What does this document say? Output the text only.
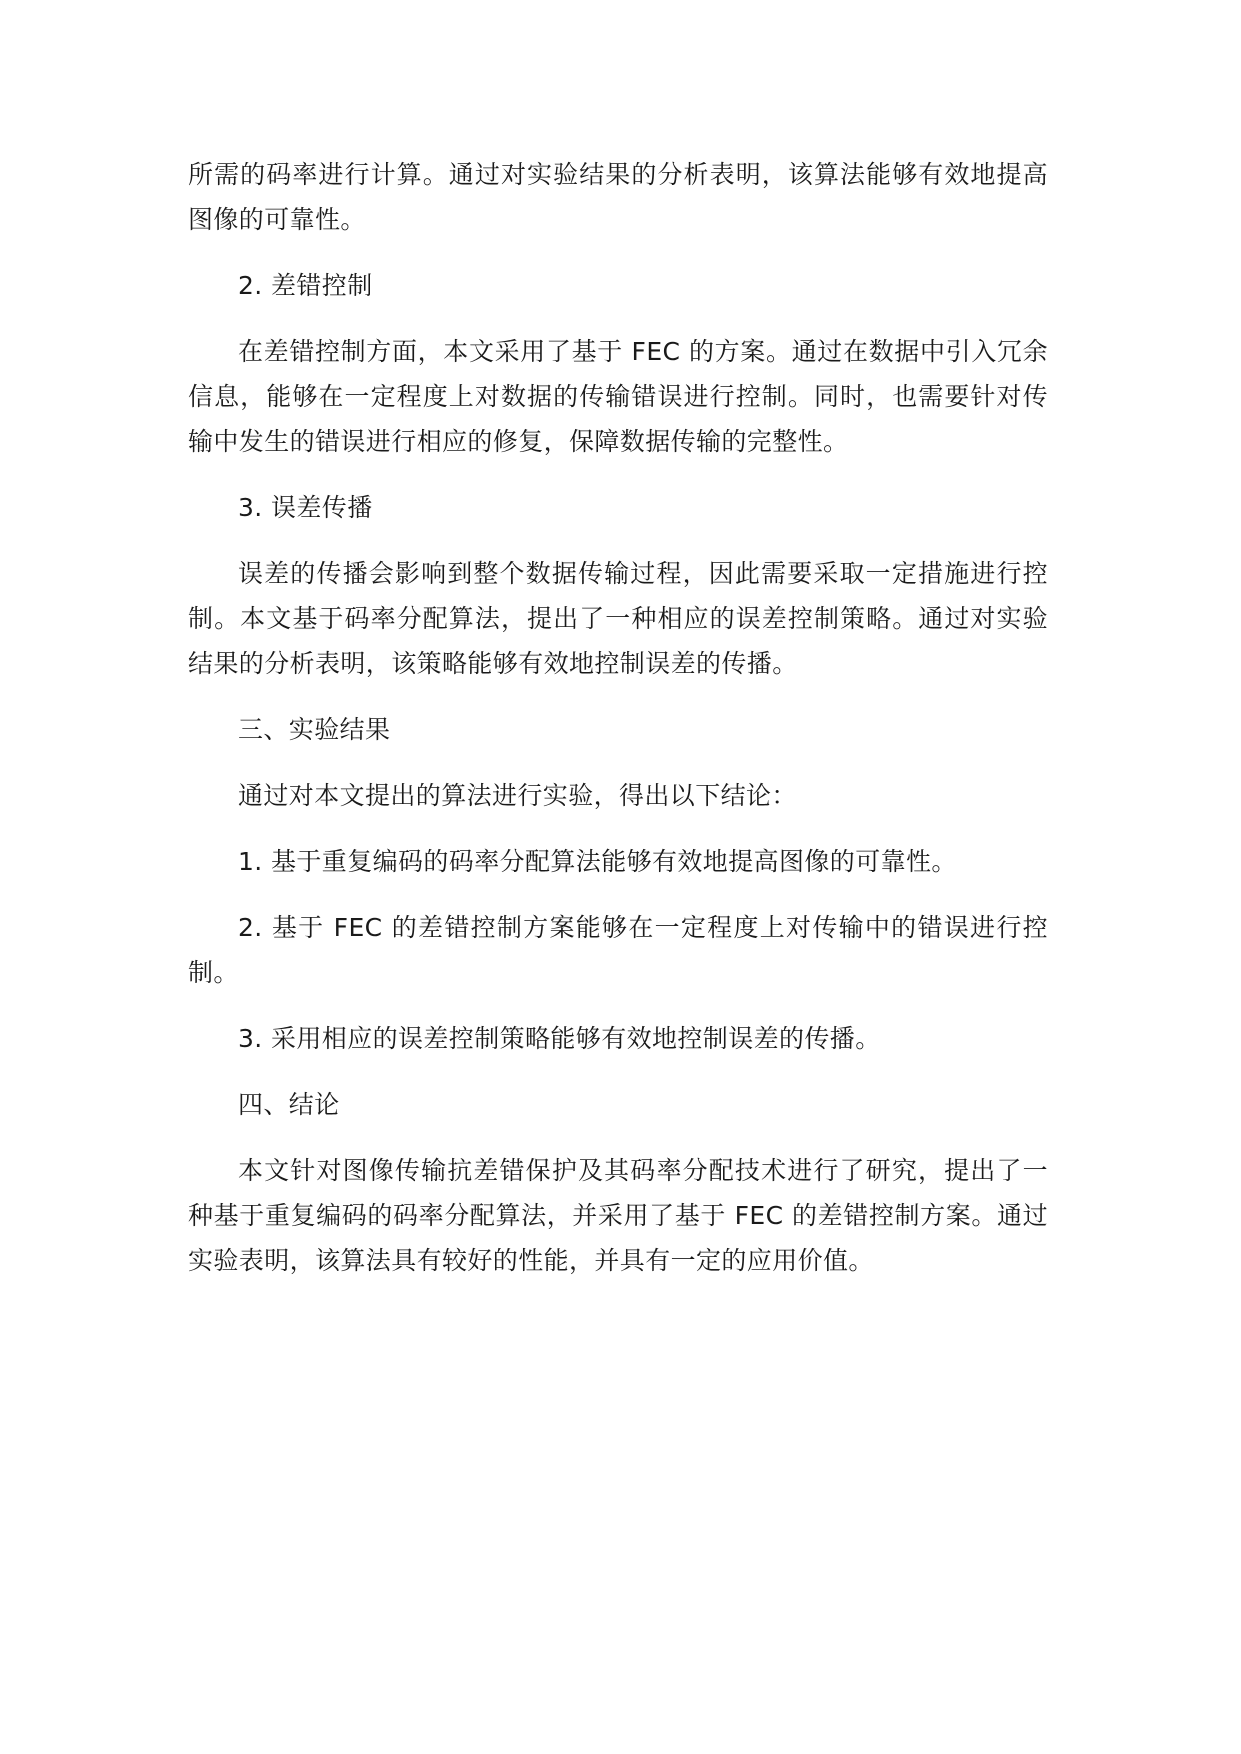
所需的码率进行计算。通过对实验结果的分析表明，该算法能够有效地提高图像的可靠性。

2. 差错控制

在差错控制方面，本文采用了基于 FEC 的方案。通过在数据中引入冗余信息，能够在一定程度上对数据的传输错误进行控制。同时，也需要针对传输中发生的错误进行相应的修复，保障数据传输的完整性。

3. 误差传播

误差的传播会影响到整个数据传输过程，因此需要采取一定措施进行控制。本文基于码率分配算法，提出了一种相应的误差控制策略。通过对实验结果的分析表明，该策略能够有效地控制误差的传播。

三、实验结果

通过对本文提出的算法进行实验，得出以下结论：

1. 基于重复编码的码率分配算法能够有效地提高图像的可靠性。

2. 基于 FEC 的差错控制方案能够在一定程度上对传输中的错误进行控制。

3. 采用相应的误差控制策略能够有效地控制误差的传播。

四、结论

本文针对图像传输抗差错保护及其码率分配技术进行了研究，提出了一种基于重复编码的码率分配算法，并采用了基于 FEC 的差错控制方案。通过实验表明，该算法具有较好的性能，并具有一定的应用价值。
